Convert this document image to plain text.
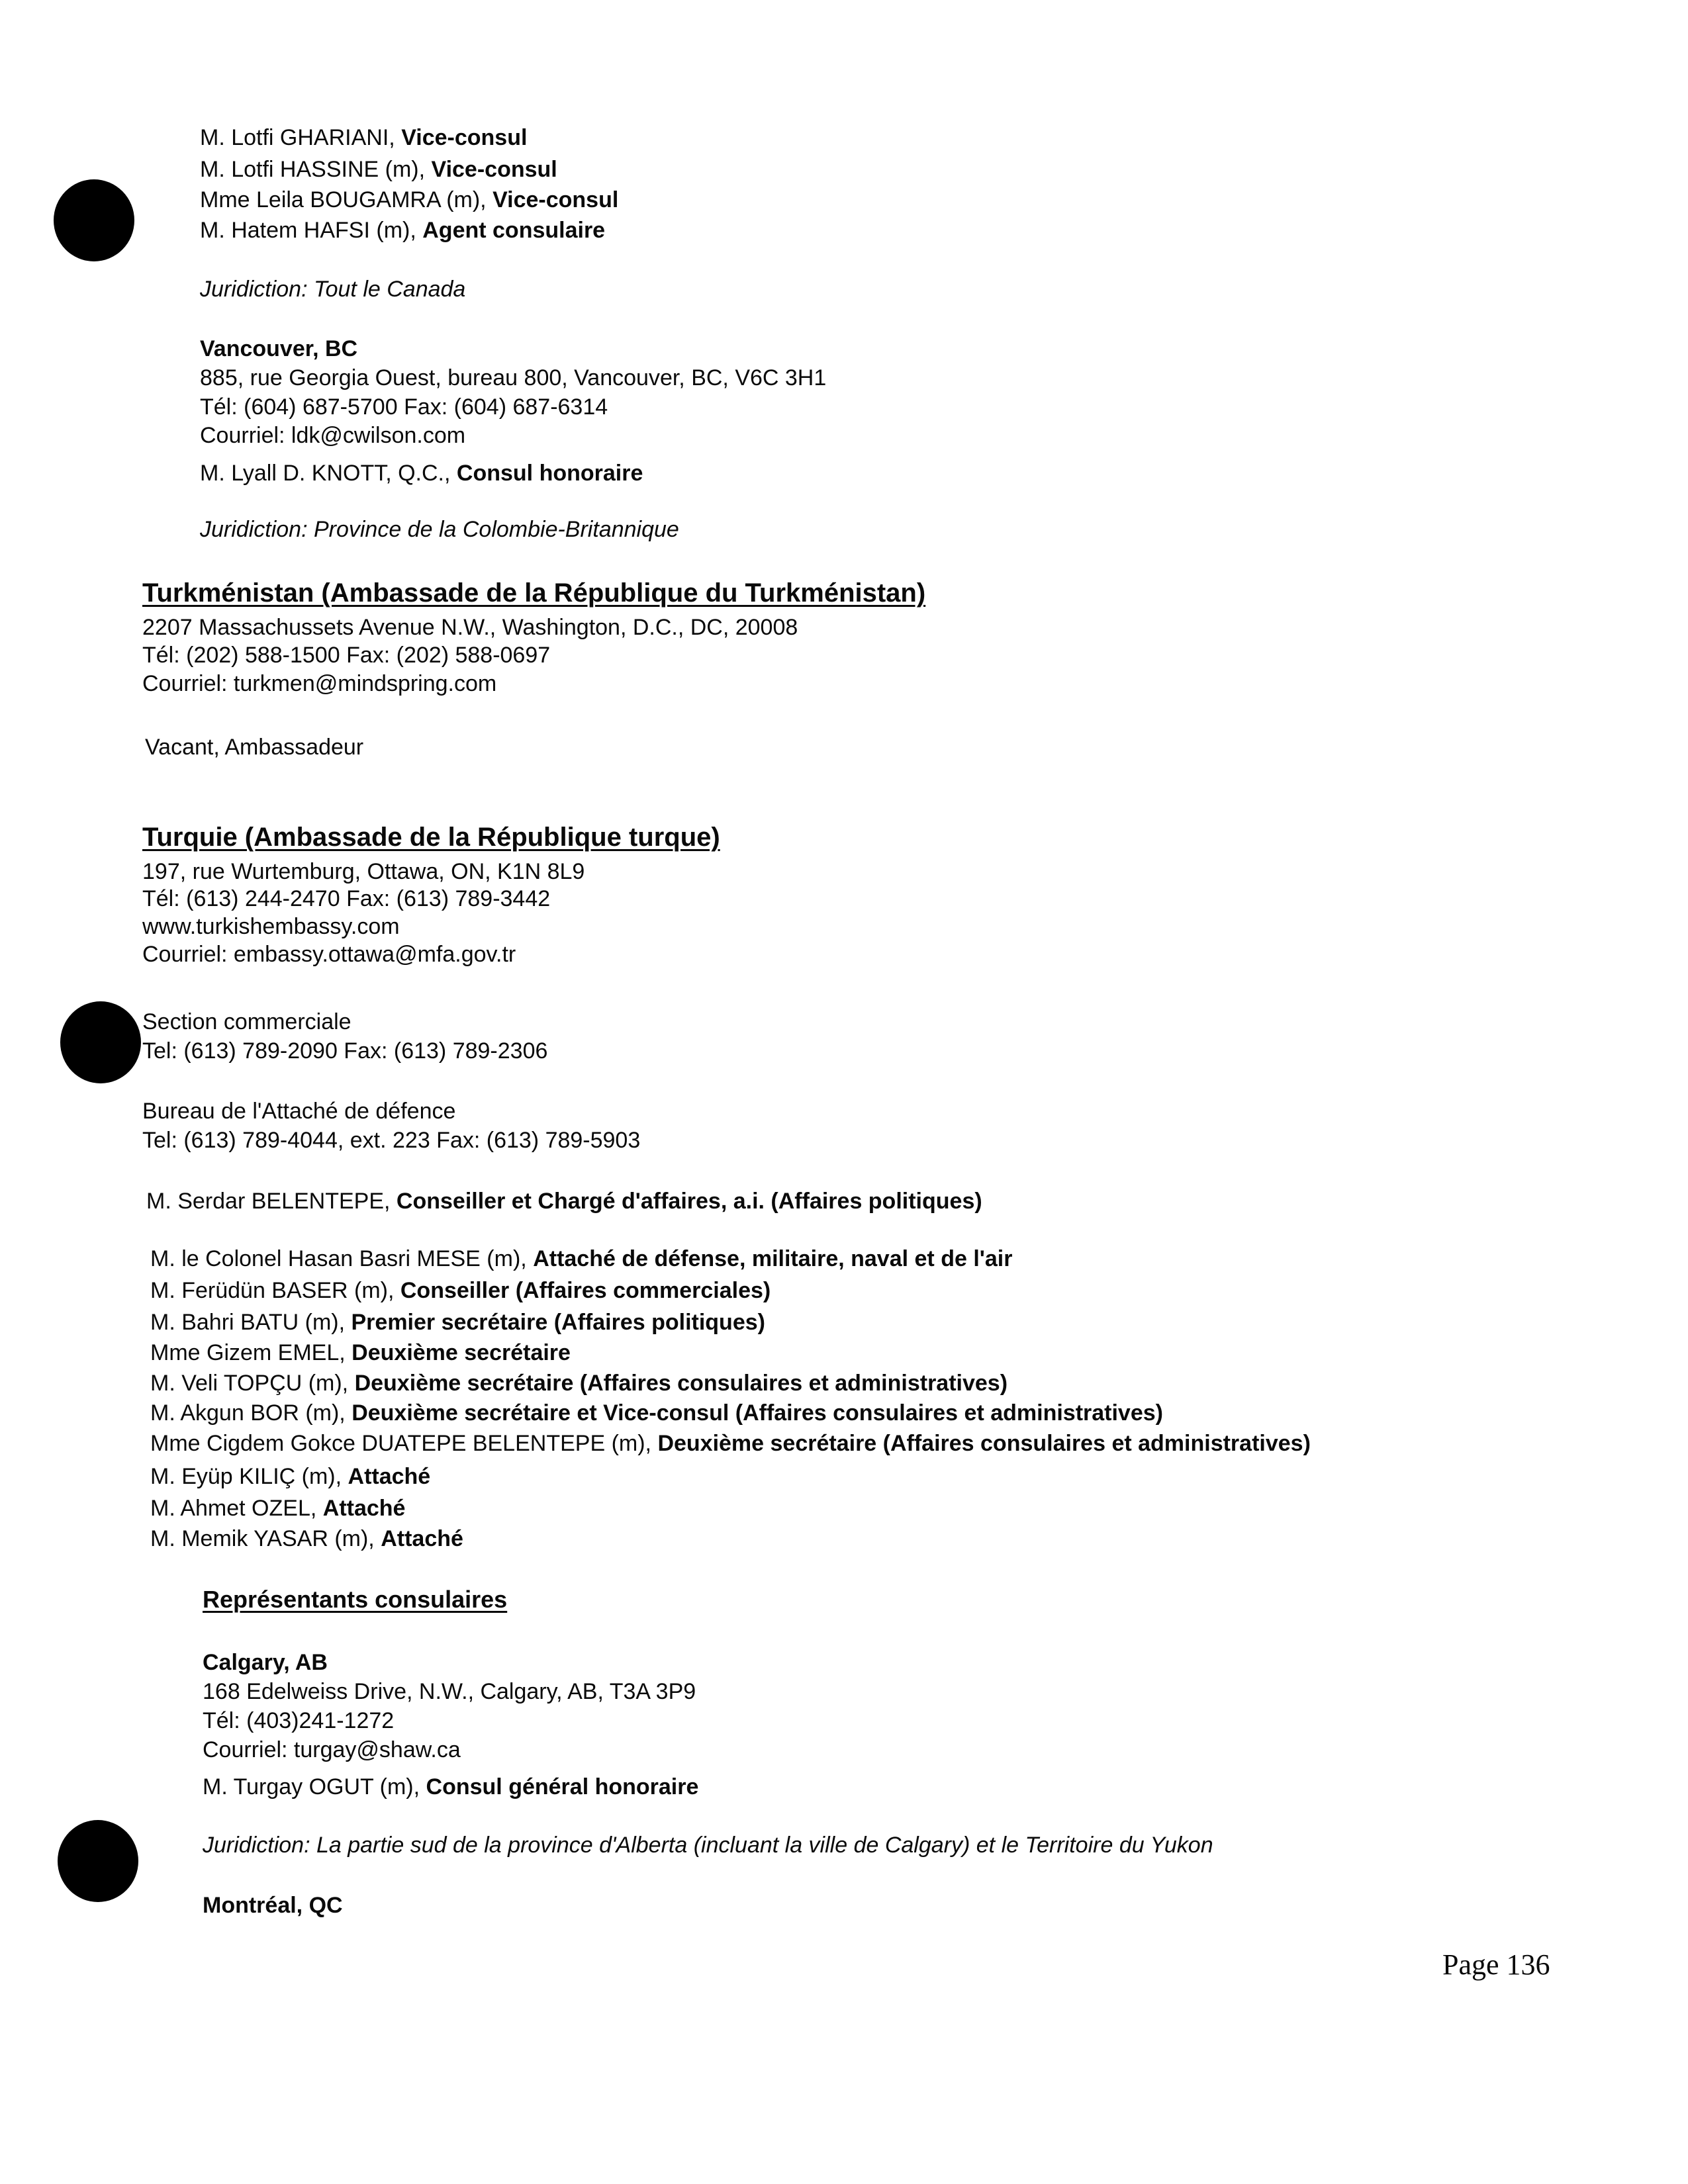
M. Lotfi GHARIANI, Vice-consul
M. Lotfi HASSINE (m), Vice-consul
Mme Leila BOUGAMRA (m), Vice-consul
M. Hatem HAFSI (m), Agent consulaire
Juridiction: Tout le Canada
Vancouver, BC
885, rue Georgia Ouest, bureau 800, Vancouver, BC, V6C 3H1
Tél: (604) 687-5700 Fax: (604) 687-6314
Courriel: ldk@cwilson.com
M. Lyall D. KNOTT, Q.C., Consul honoraire
Juridiction: Province de la Colombie-Britannique
Turkménistan (Ambassade de la République du Turkménistan)
2207 Massachussets Avenue N.W., Washington, D.C., DC, 20008
Tél: (202) 588-1500 Fax: (202) 588-0697
Courriel: turkmen@mindspring.com
Vacant, Ambassadeur
Turquie (Ambassade de la République turque)
197, rue Wurtemburg, Ottawa, ON, K1N 8L9
Tél: (613) 244-2470 Fax: (613) 789-3442
www.turkishembassy.com
Courriel: embassy.ottawa@mfa.gov.tr
Section commerciale
Tel: (613) 789-2090 Fax: (613) 789-2306
Bureau de l'Attaché de défence
Tel: (613) 789-4044, ext. 223 Fax: (613) 789-5903
M. Serdar BELENTEPE, Conseiller et Chargé d'affaires, a.i. (Affaires politiques)
M. le Colonel Hasan Basri MESE (m), Attaché de défense, militaire, naval et de l'air
M. Ferüdün BASER (m), Conseiller (Affaires commerciales)
M. Bahri BATU (m), Premier secrétaire (Affaires politiques)
Mme Gizem EMEL, Deuxième secrétaire
M. Veli TOPÇU (m), Deuxième secrétaire (Affaires consulaires et administratives)
M. Akgun BOR (m), Deuxième secrétaire et Vice-consul (Affaires consulaires et administratives)
Mme Cigdem Gokce DUATEPE BELENTEPE (m), Deuxième secrétaire (Affaires consulaires et administratives)
M. Eyüp KILIÇ (m), Attaché
M. Ahmet OZEL, Attaché
M. Memik YASAR (m), Attaché
Représentants consulaires
Calgary, AB
168 Edelweiss Drive, N.W., Calgary, AB, T3A 3P9
Tél: (403)241-1272
Courriel: turgay@shaw.ca
M. Turgay OGUT (m), Consul général honoraire
Juridiction: La partie sud de la province d'Alberta (incluant la ville de Calgary) et le Territoire du Yukon
Montréal, QC
Page 136
